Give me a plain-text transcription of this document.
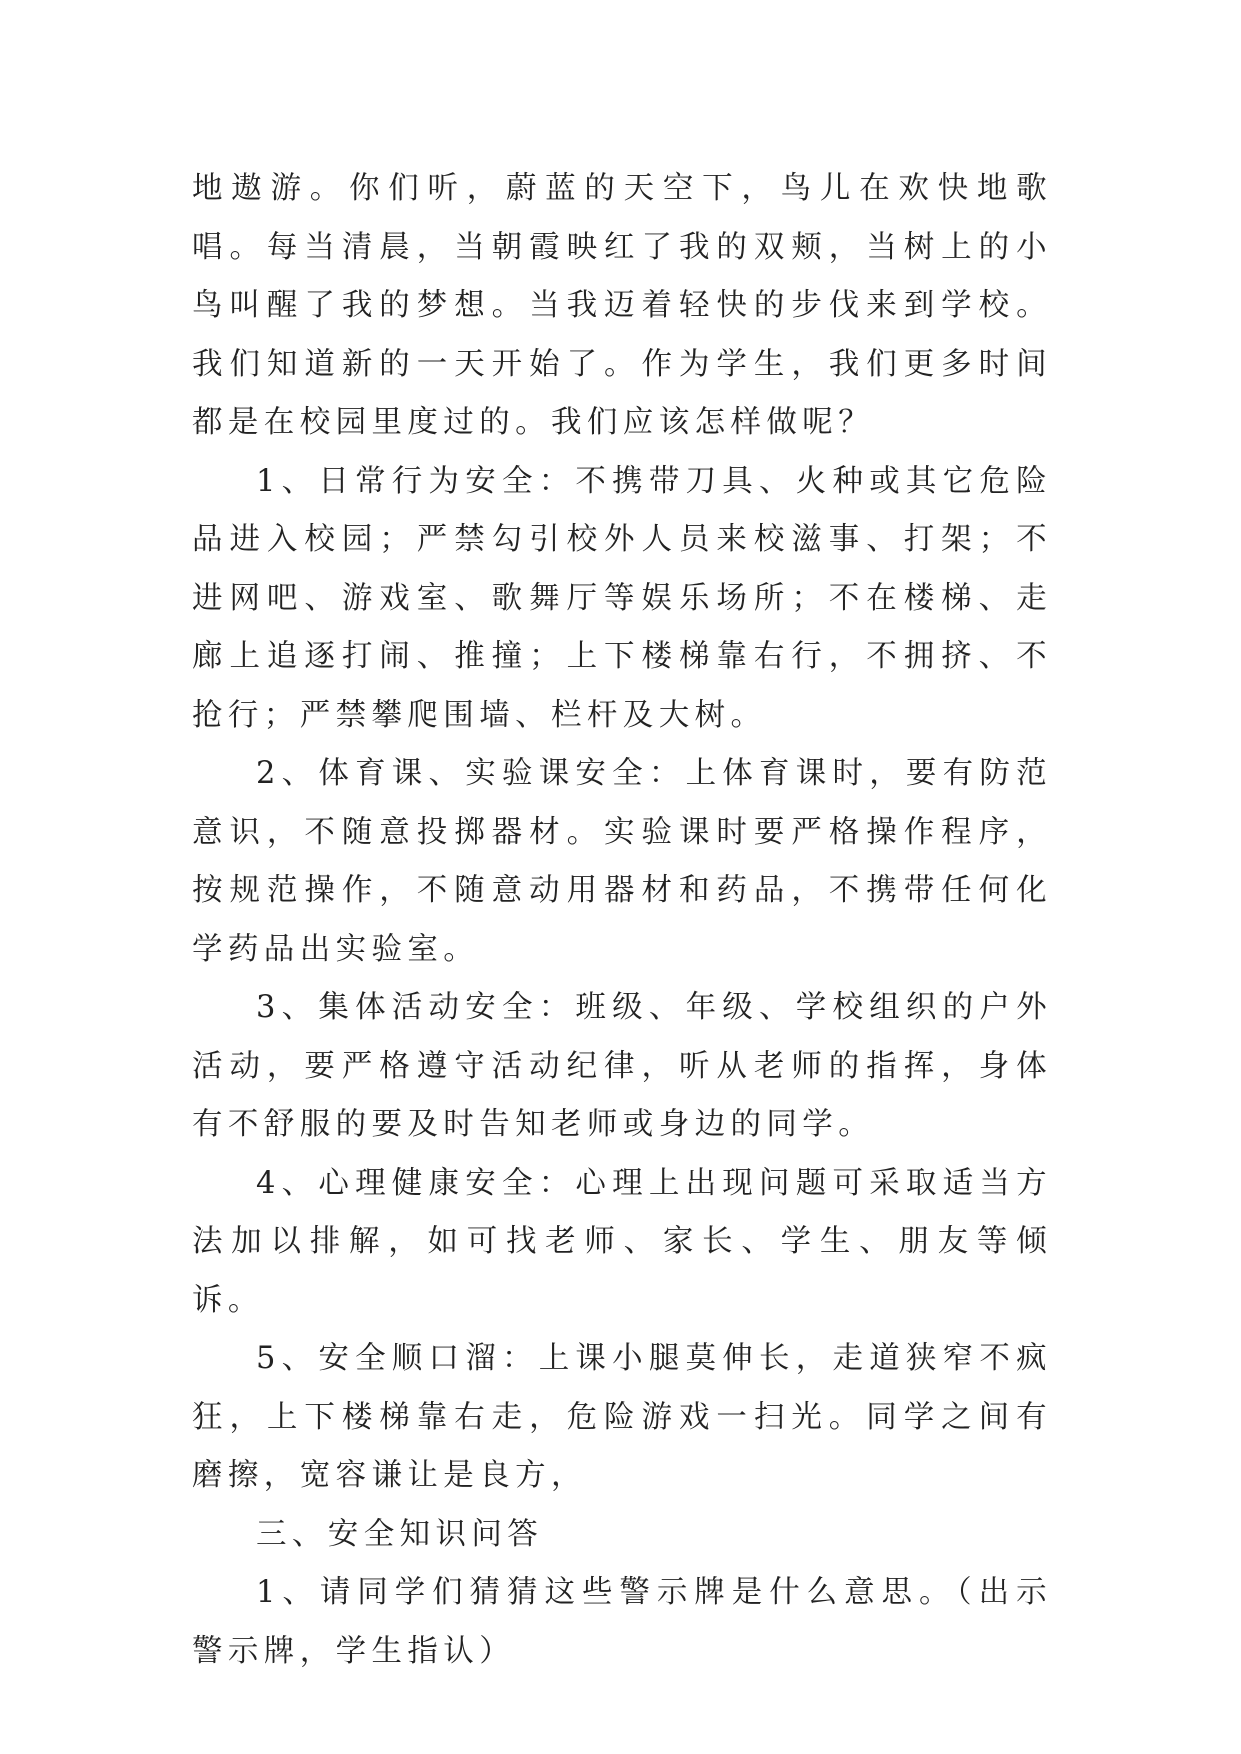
地遨游。你们听，蔚蓝的天空下，鸟儿在欢快地歌唱。每当清晨，当朝霞映红了我的双颊，当树上的小鸟叫醒了我的梦想。当我迈着轻快的步伐来到学校。我们知道新的一天开始了。作为学生，我们更多时间都是在校园里度过的。我们应该怎样做呢？

1、日常行为安全：不携带刀具、火种或其它危险品进入校园；严禁勾引校外人员来校滋事、打架；不进网吧、游戏室、歌舞厅等娱乐场所；不在楼梯、走廊上追逐打闹、推撞；上下楼梯靠右行，不拥挤、不抢行；严禁攀爬围墙、栏杆及大树。

2、体育课、实验课安全：上体育课时，要有防范意识，不随意投掷器材。实验课时要严格操作程序，按规范操作，不随意动用器材和药品，不携带任何化学药品出实验室。

3、集体活动安全：班级、年级、学校组织的户外活动，要严格遵守活动纪律，听从老师的指挥，身体有不舒服的要及时告知老师或身边的同学。

4、心理健康安全：心理上出现问题可采取适当方法加以排解，如可找老师、家长、学生、朋友等倾诉。

5、安全顺口溜：上课小腿莫伸长，走道狭窄不疯狂，上下楼梯靠右走，危险游戏一扫光。同学之间有磨擦，宽容谦让是良方，

三、安全知识问答

1、请同学们猜猜这些警示牌是什么意思。（出示警示牌，学生指认）
